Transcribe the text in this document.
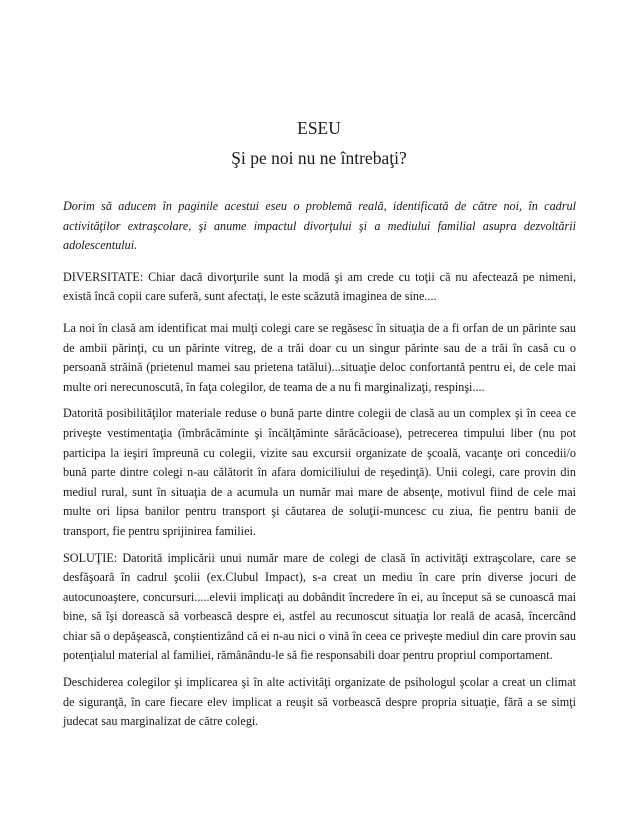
ESEU
Şi pe noi nu ne întrebaţi?

Dorim să aducem în paginile acestui eseu o problemă reală, identificată de către noi, în cadrul activităţilor extraşcolare, şi anume impactul divorţului şi a mediului familial asupra dezvoltării adolescentului.

DIVERSITATE: Chiar dacă divorţurile sunt la modă şi am crede cu toţii că nu afectează pe nimeni, există încă copii care suferă, sunt afectaţi, le este scăzută imaginea de sine....

La noi în clasă am identificat mai mulţi colegi care se regăsesc în situaţia de a fi orfan de un părinte sau de ambii părinţi, cu un părinte vitreg, de a trăi doar cu un singur părinte sau de a trăi în casă cu o persoană străină (prietenul mamei sau prietena tatălui)...situaţie deloc confortantă pentru ei, de cele mai multe ori nerecunoscută, în faţa colegilor, de teama de a nu fi marginalizaţi, respinşi....

Datorită posibilităţilor materiale reduse o bună parte dintre colegii de clasă au un complex şi în ceea ce priveşte vestimentaţia (îmbrăcăminte şi încălţăminte sărăcăcioase), petrecerea timpului liber (nu pot participa la ieşiri împreună cu colegii, vizite sau excursii organizate de şcoală, vacanţe ori concedii/o bună parte dintre colegi n-au călătorit în afara domiciliului de reşedinţă). Unii colegi, care provin din mediul rural, sunt în situaţia de a acumula un număr mai mare de absenţe, motivul fiind de cele mai multe ori lipsa banilor pentru transport şi căutarea de soluţii-muncesc cu ziua, fie pentru banii de transport, fie pentru sprijinirea familiei.

SOLUŢIE: Datorită implicării unui număr mare de colegi de clasă în activităţi extraşcolare, care se desfăşoară în cadrul şcolii (ex.Clubul Impact), s-a creat un mediu în care prin diverse jocuri de autocunoaştere, concursuri.....elevii implicaţi au dobândit încredere în ei, au început să se cunoască mai bine, să îşi dorească să vorbească despre ei, astfel au recunoscut situaţia lor reală de acasă, încercând chiar să o depăşească, conştientizând că ei n-au nici o vină în ceea ce priveşte mediul din care provin sau potenţialul material al familiei, rămânându-le să fie responsabili doar pentru propriul comportament.

Deschiderea colegilor şi implicarea şi în alte activităţi organizate de psihologul şcolar a creat un climat de siguranţă, în care fiecare elev implicat a reuşit să vorbească despre propria situaţie, fără a se simţi judecat sau marginalizat de către colegi.
